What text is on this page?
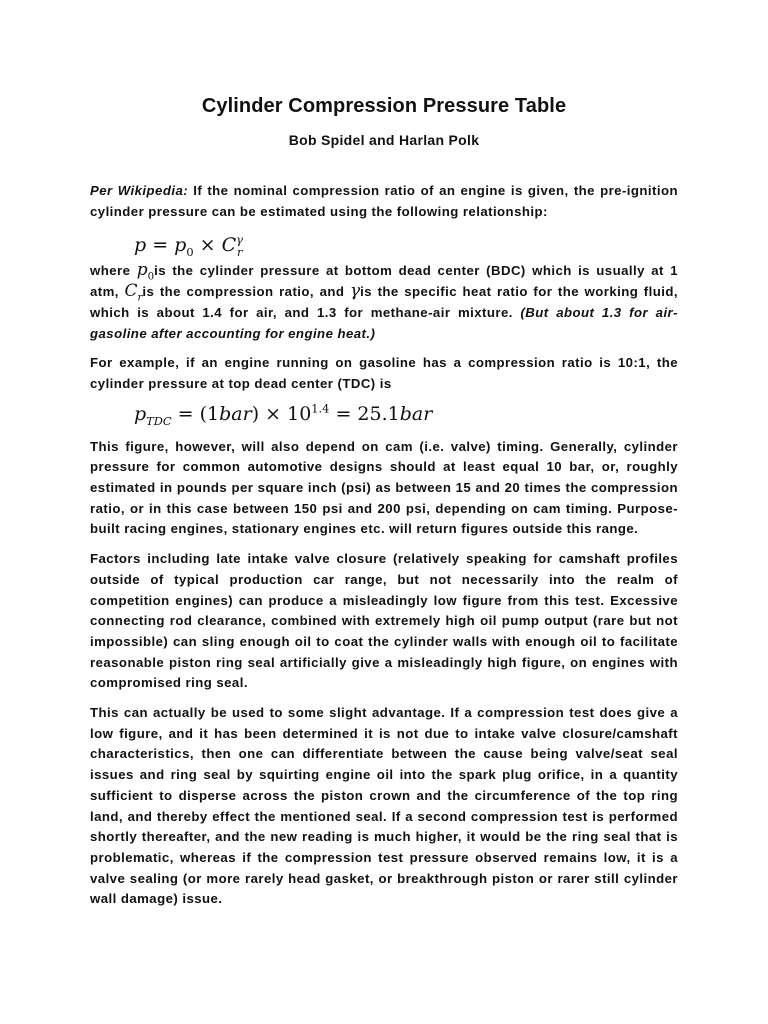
Cylinder Compression Pressure Table
Bob Spidel and Harlan Polk

Per Wikipedia: If the nominal compression ratio of an engine is given, the pre-ignition cylinder pressure can be estimated using the following relationship:

$p = p_0 \times C^\gamma_r$

where $p_0is$ the cylinder pressure at bottom dead center (BDC) which is usually at 1 atm, $C_ris$ the compression ratio, and γis the specific heat ratio for the working fluid, which is about 1.4 for air, and 1.3 for methane-air mixture. (But about 1.3 for air-gasoline after accounting for engine heat.)

For example, if an engine running on gasoline has a compression ratio is 10:1, the cylinder pressure at top dead center (TDC) is

$p_{TDC} = (1bar) \times 10^{1.4} = 25.1bar$

This figure, however, will also depend on cam (i.e. valve) timing. Generally, cylinder pressure for common automotive designs should at least equal 10 bar, or, roughly estimated in pounds per square inch (psi) as between 15 and 20 times the compression ratio, or in this case between 150 psi and 200 psi, depending on cam timing. Purpose-built racing engines, stationary engines etc. will return figures outside this range.

Factors including late intake valve closure (relatively speaking for camshaft profiles outside of typical production car range, but not necessarily into the realm of competition engines) can produce a misleadingly low figure from this test. Excessive connecting rod clearance, combined with extremely high oil pump output (rare but not impossible) can sling enough oil to coat the cylinder walls with enough oil to facilitate reasonable piston ring seal artificially give a misleadingly high figure, on engines with compromised ring seal.

This can actually be used to some slight advantage. If a compression test does give a low figure, and it has been determined it is not due to intake valve closure/camshaft characteristics, then one can differentiate between the cause being valve/seat seal issues and ring seal by squirting engine oil into the spark plug orifice, in a quantity sufficient to disperse across the piston crown and the circumference of the top ring land, and thereby effect the mentioned seal. If a second compression test is performed shortly thereafter, and the new reading is much higher, it would be the ring seal that is problematic, whereas if the compression test pressure observed remains low, it is a valve sealing (or more rarely head gasket, or breakthrough piston or rarer still cylinder wall damage) issue.
